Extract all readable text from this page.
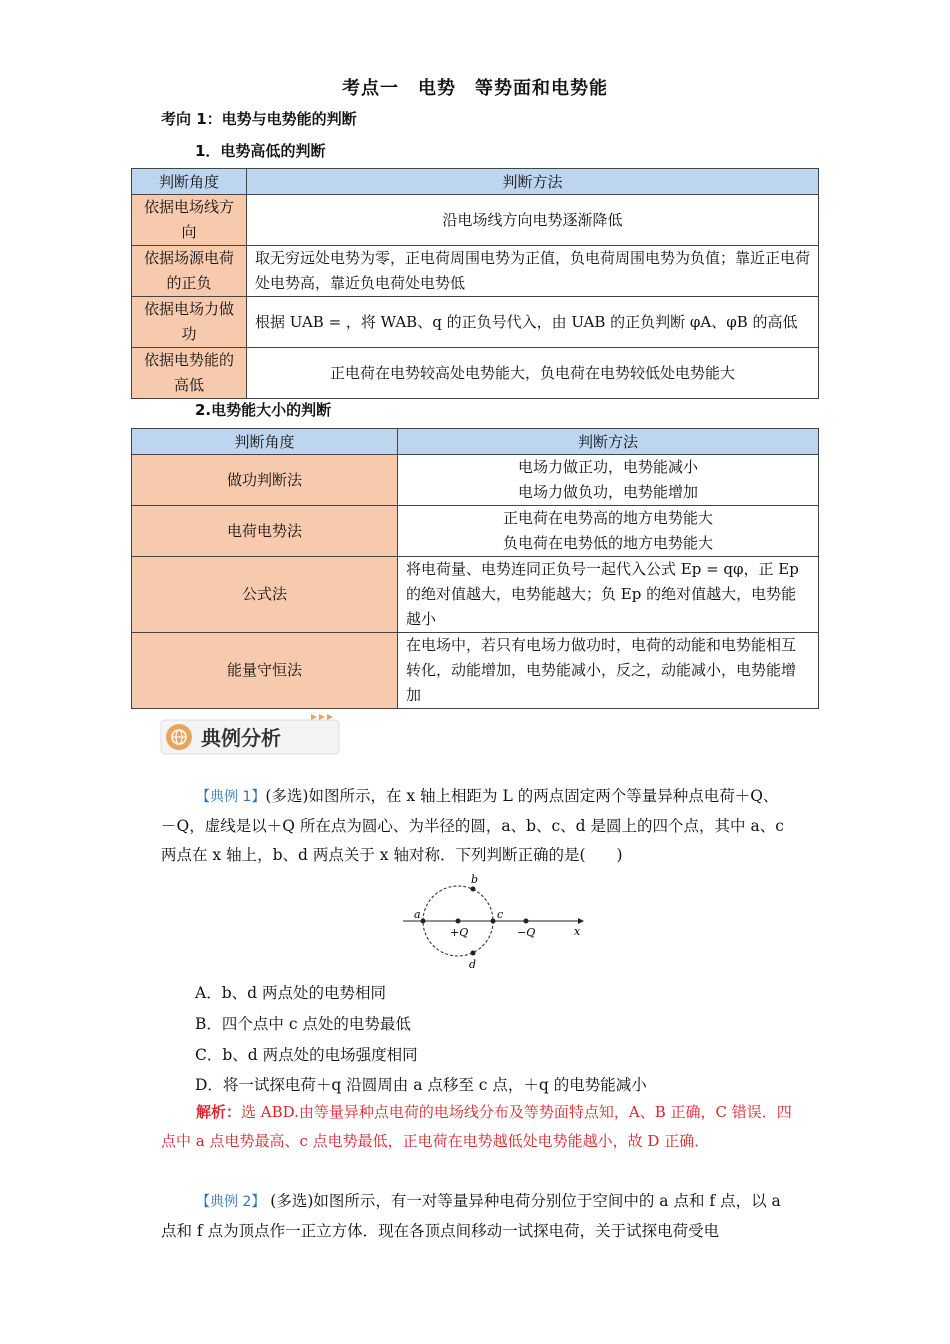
考点一　电势　等势面和电势能
考向 1：电势与电势能的判断
1．电势高低的判断
判断角度	判断方法
依据电场线方向	沿电场线方向电势逐渐降低
依据场源电荷的正负	取无穷远处电势为零，正电荷周围电势为正值，负电荷周围电势为负值；靠近正电荷处电势高，靠近负电荷处电势低
依据电场力做功	根据 UAB = ，将 WAB、q 的正负号代入，由 UAB 的正负判断 φA、φB 的高低
依据电势能的高低	正电荷在电势较高处电势能大，负电荷在电势较低处电势能大
2.电势能大小的判断
判断角度	判断方法
做功判断法	电场力做正功，电势能减小
电场力做负功，电势能增加
电荷电势法	正电荷在电势高的地方电势能大
负电荷在电势低的地方电势能大
公式法	将电荷量、电势连同正负号一起代入公式 Ep = qφ，正 Ep 的绝对值越大，电势能越大；负 Ep 的绝对值越大，电势能越小
能量守恒法	在电场中，若只有电场力做功时，电荷的动能和电势能相互转化，动能增加，电势能减小，反之，动能减小，电势能增加
典例分析
【典例 1】(多选)如图所示，在 x 轴上相距为 L 的两点固定两个等量异种点电荷＋Q、－Q，虚线是以＋Q 所在点为圆心、为半径的圆，a、b、c、d 是圆上的四个点，其中 a、c 两点在 x 轴上，b、d 两点关于 x 轴对称．下列判断正确的是(　　)
a
b
c
d
+Q	−Q	x
A．b、d 两点处的电势相同
B．四个点中 c 点处的电势最低
C．b、d 两点处的电场强度相同
D．将一试探电荷＋q 沿圆周由 a 点移至 c 点，＋q 的电势能减小
解析：选 ABD.由等量异种点电荷的电场线分布及等势面特点知，A、B 正确，C 错误．四点中 a 点电势最高、c 点电势最低，正电荷在电势越低处电势能越小，故 D 正确．
【典例 2】 (多选)如图所示，有一对等量异种电荷分别位于空间中的 a 点和 f 点，以 a 点和 f 点为顶点作一正立方体．现在各顶点间移动一试探电荷，关于试探电荷受电
